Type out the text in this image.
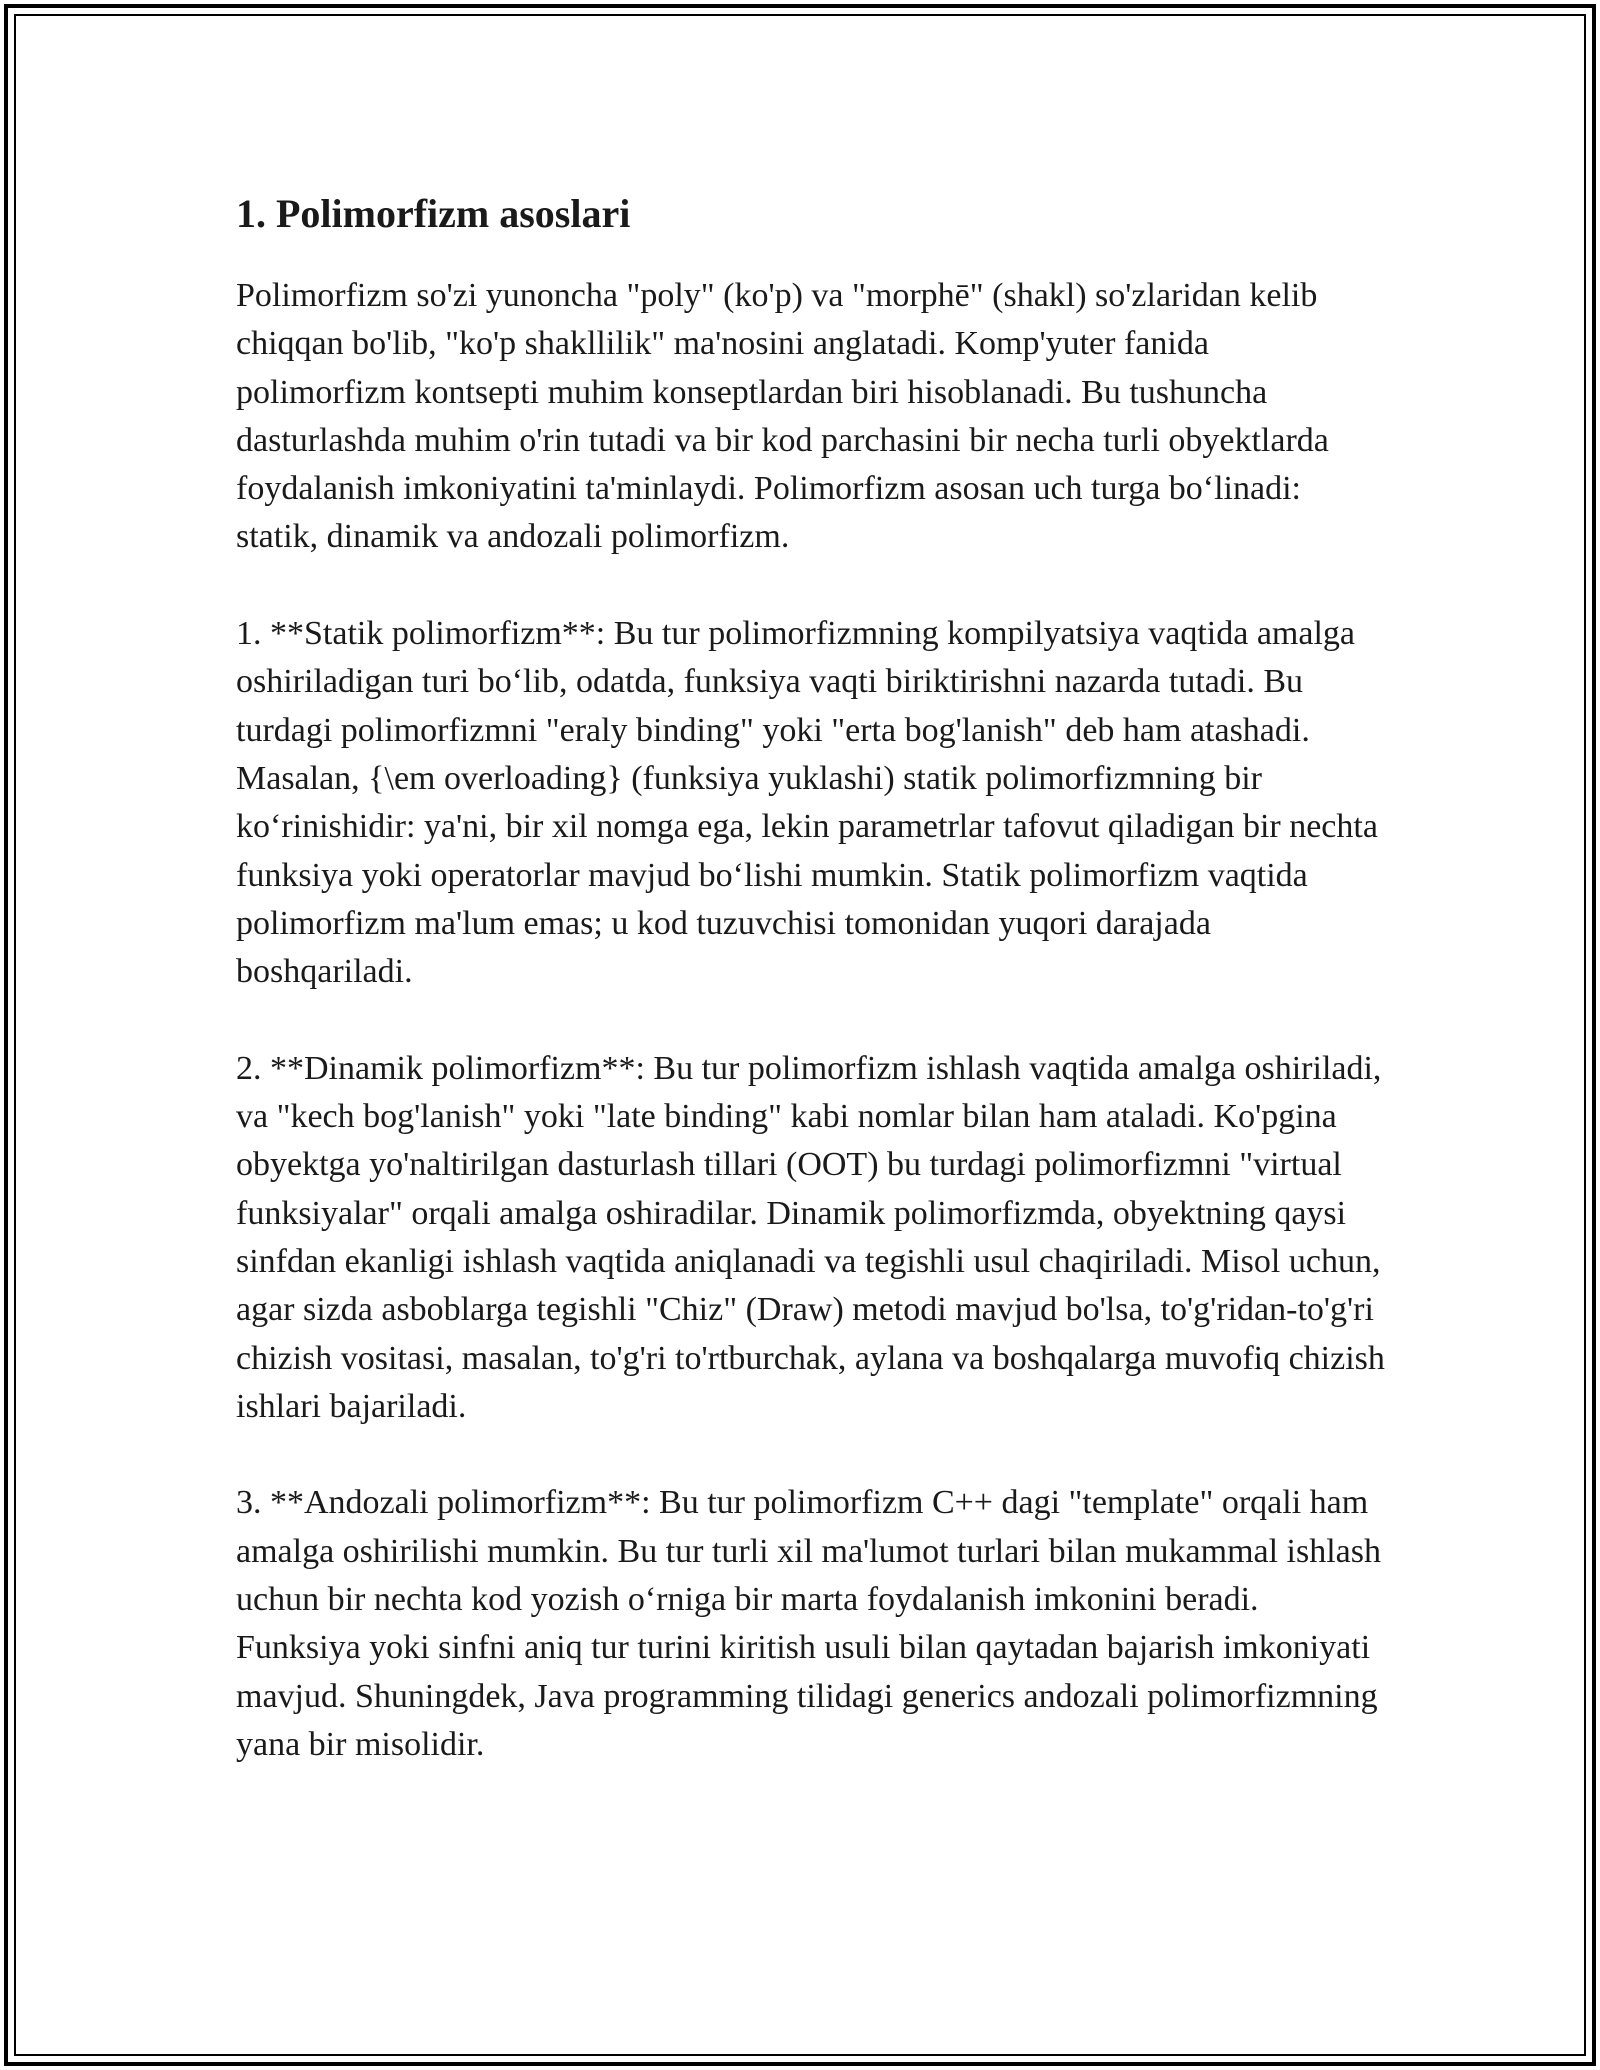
1. Polimorfizm asoslari

Polimorfizm so'zi yunoncha "poly" (ko'p) va "morphē" (shakl) so'zlaridan kelib chiqqan bo'lib, "ko'p shakllilik" ma'nosini anglatadi. Komp'yuter fanida polimorfizm kontsepti muhim konseptlardan biri hisoblanadi. Bu tushuncha dasturlashda muhim o'rin tutadi va bir kod parchasini bir necha turli obyektlarda foydalanish imkoniyatini ta'minlaydi. Polimorfizm asosan uch turga bo‘linadi: statik, dinamik va andozali polimorfizm.

1. **Statik polimorfizm**: Bu tur polimorfizmning kompilyatsiya vaqtida amalga oshiriladigan turi bo‘lib, odatda, funksiya vaqti biriktirishni nazarda tutadi. Bu turdagi polimorfizmni "eraly binding" yoki "erta bog'lanish" deb ham atashadi. Masalan, {\em overloading} (funksiya yuklashi) statik polimorfizmning bir ko‘rinishidir: ya'ni, bir xil nomga ega, lekin parametrlar tafovut qiladigan bir nechta funksiya yoki operatorlar mavjud bo‘lishi mumkin. Statik polimorfizm vaqtida polimorfizm ma'lum emas; u kod tuzuvchisi tomonidan yuqori darajada boshqariladi.

2. **Dinamik polimorfizm**: Bu tur polimorfizm ishlash vaqtida amalga oshiriladi, va "kech bog'lanish" yoki "late binding" kabi nomlar bilan ham ataladi. Ko'pgina obyektga yo'naltirilgan dasturlash tillari (OOT) bu turdagi polimorfizmni "virtual funksiyalar" orqali amalga oshiradilar. Dinamik polimorfizmda, obyektning qaysi sinfdan ekanligi ishlash vaqtida aniqlanadi va tegishli usul chaqiriladi. Misol uchun, agar sizda asboblarga tegishli "Chiz" (Draw) metodi mavjud bo'lsa, to'g'ridan-to'g'ri chizish vositasi, masalan, to'g'ri to'rtburchak, aylana va boshqalarga muvofiq chizish ishlari bajariladi.

3. **Andozali polimorfizm**: Bu tur polimorfizm C++ dagi "template" orqali ham amalga oshirilishi mumkin. Bu tur turli xil ma'lumot turlari bilan mukammal ishlash uchun bir nechta kod yozish o‘rniga bir marta foydalanish imkonini beradi. Funksiya yoki sinfni aniq tur turini kiritish usuli bilan qaytadan bajarish imkoniyati mavjud. Shuningdek, Java programming tilidagi generics andozali polimorfizmning yana bir misolidir.
